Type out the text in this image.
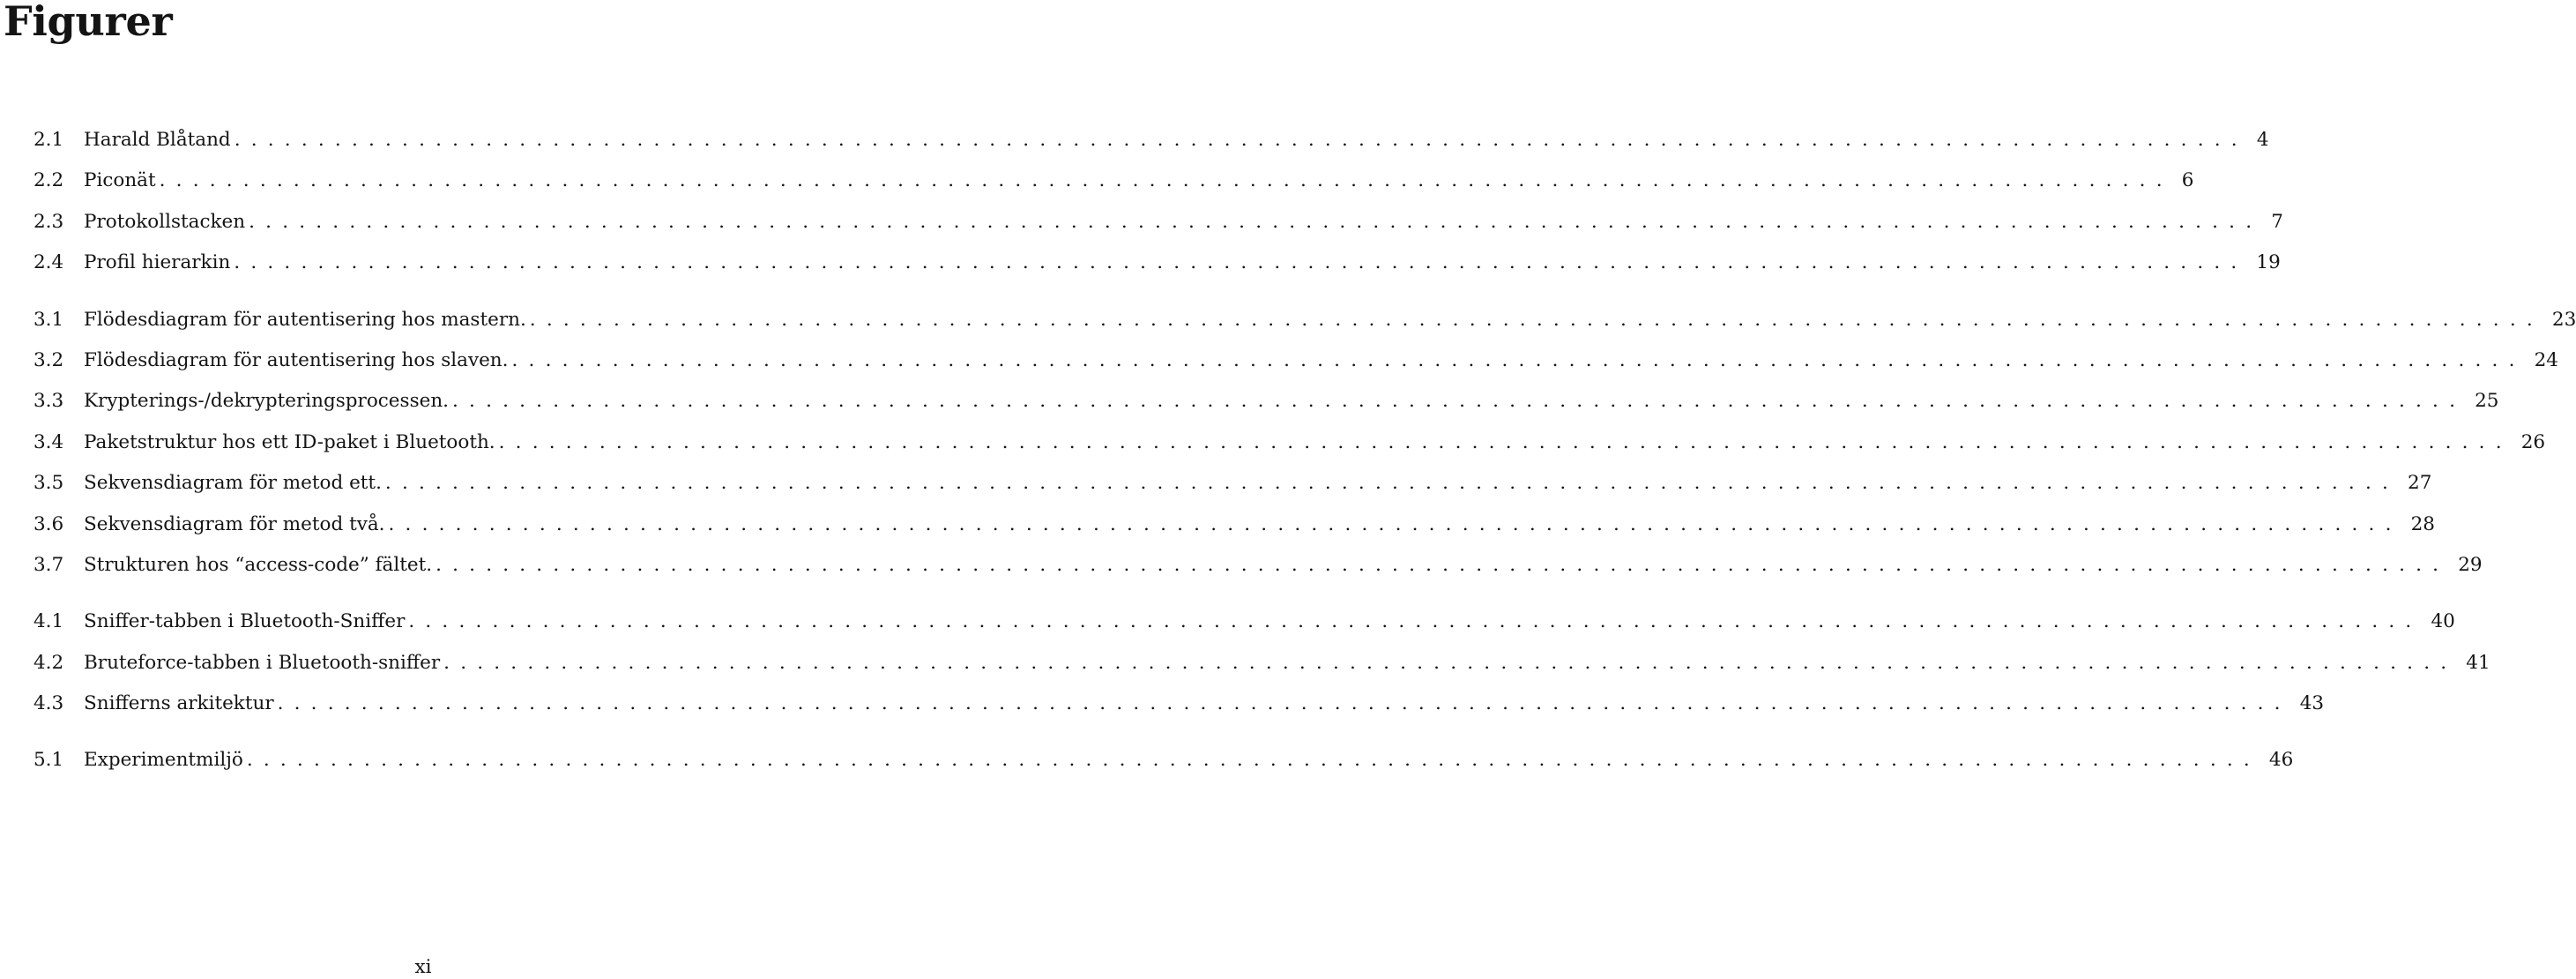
Figurer
2.1	Harald Blåtand ........................................................................................................................ 4
2.2	Piconät ........................................................................................................................ 6
2.3	Protokollstacken ........................................................................................................................ 7
2.4	Profil hierarkin ........................................................................................................................ 19
3.1	Flödesdiagram för autentisering hos mastern. ........................................................................................................................ 23
3.2	Flödesdiagram för autentisering hos slaven. ........................................................................................................................ 24
3.3	Krypterings-/dekrypteringsprocessen. ........................................................................................................................ 25
3.4	Paketstruktur hos ett ID-paket i Bluetooth. ........................................................................................................................ 26
3.5	Sekvensdiagram för metod ett. ........................................................................................................................ 27
3.6	Sekvensdiagram för metod två. ........................................................................................................................ 28
3.7	Strukturen hos “access-code” fältet. ........................................................................................................................ 29
4.1	Sniffer-tabben i Bluetooth-Sniffer ........................................................................................................................ 40
4.2	Bruteforce-tabben i Bluetooth-sniffer ........................................................................................................................ 41
4.3	Snifferns arkitektur ........................................................................................................................ 43
5.1	Experimentmiljö ........................................................................................................................ 46
xi
